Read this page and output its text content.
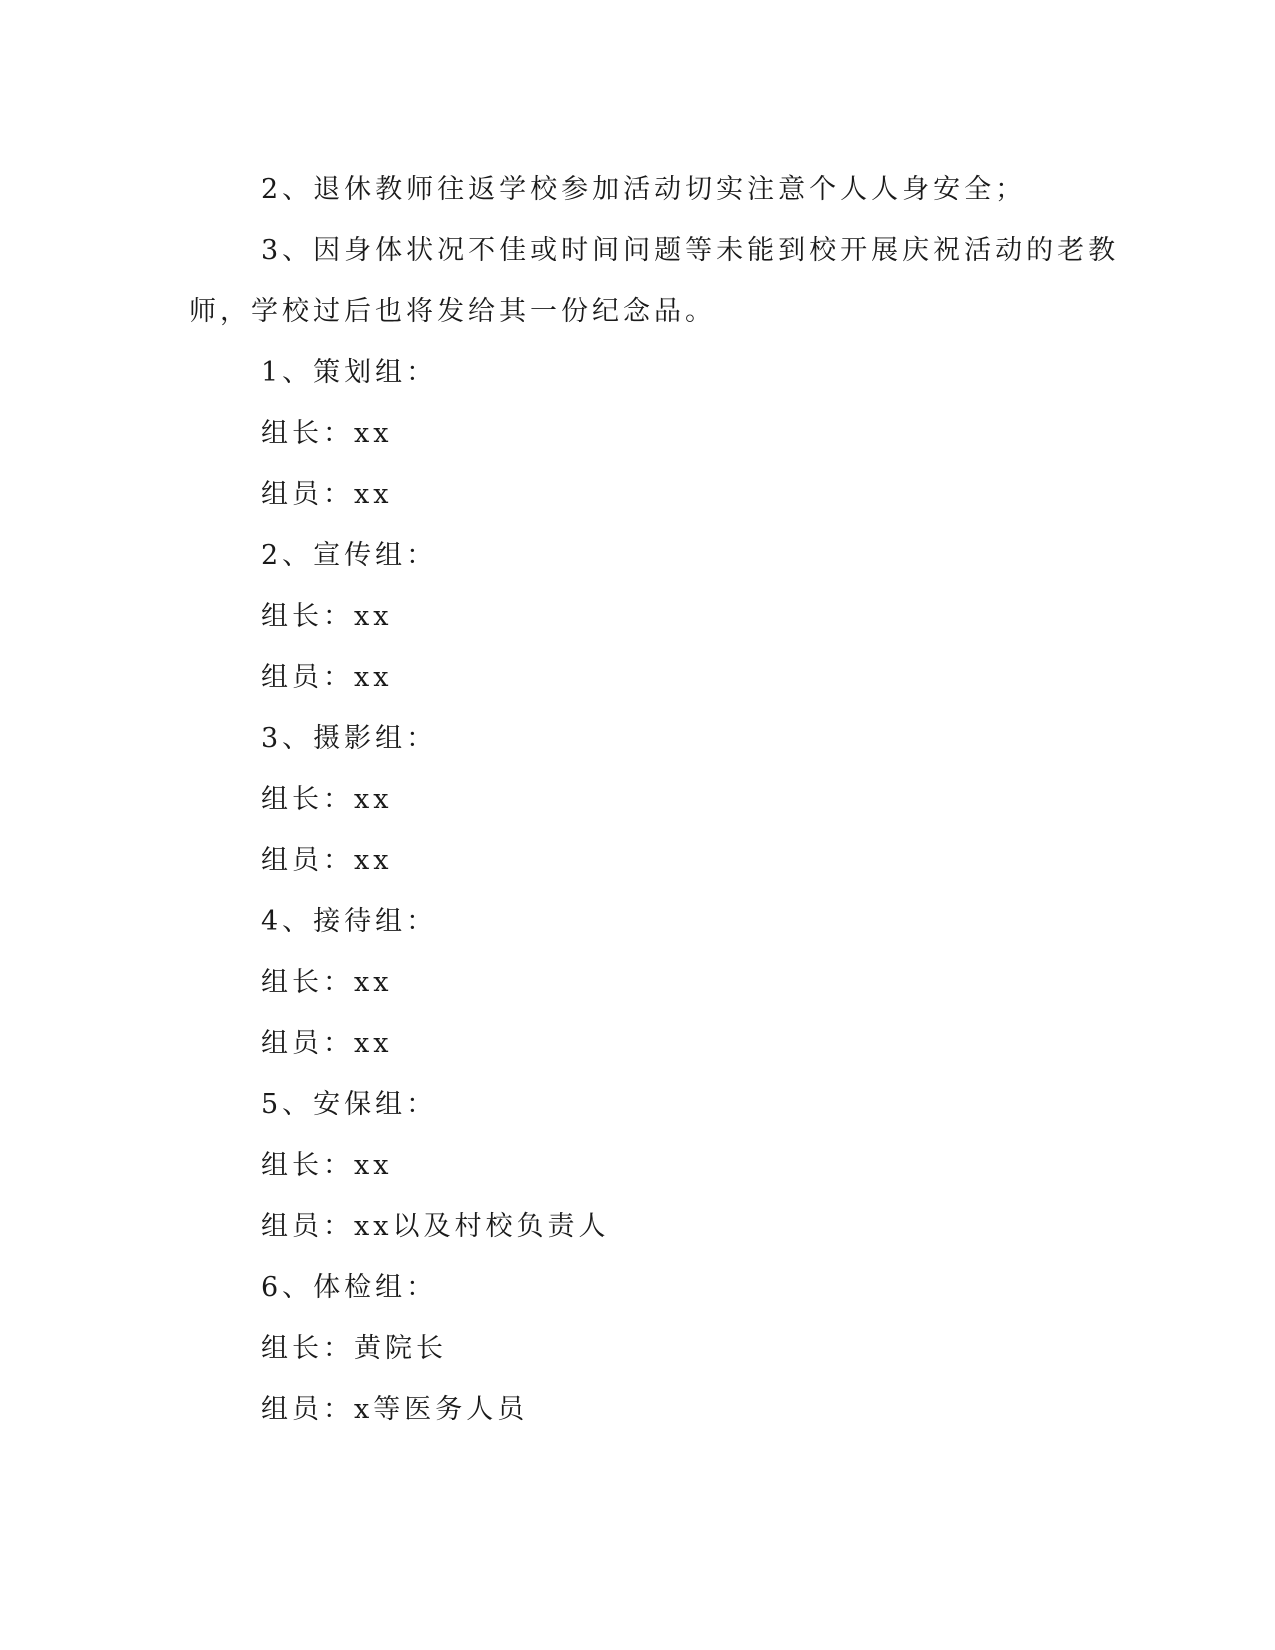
2、退休教师往返学校参加活动切实注意个人人身安全；
3、因身体状况不佳或时间问题等未能到校开展庆祝活动的老教
师，学校过后也将发给其一份纪念品。
1、策划组：
组长：xx
组员：xx
2、宣传组：
组长：xx
组员：xx
3、摄影组：
组长：xx
组员：xx
4、接待组：
组长：xx
组员：xx
5、安保组：
组长：xx
组员：xx以及村校负责人
6、体检组：
组长：黄院长
组员：x等医务人员
